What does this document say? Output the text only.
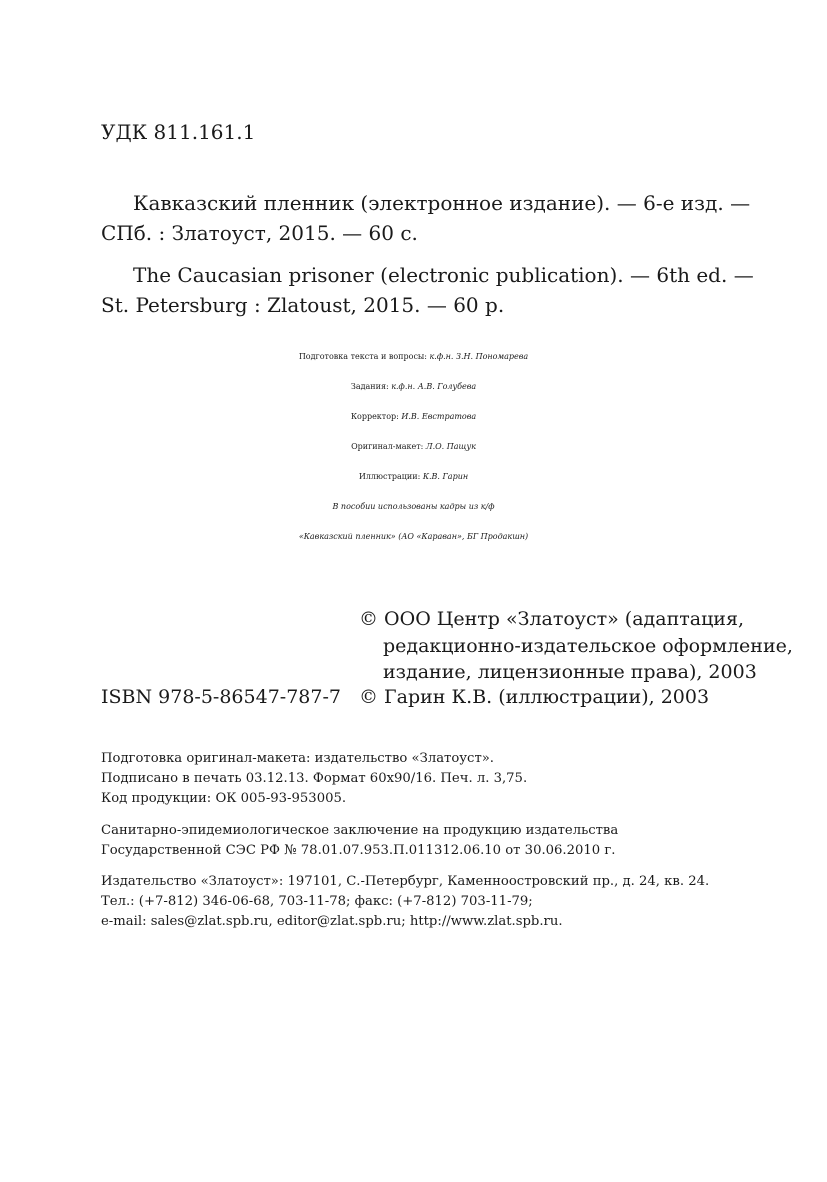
УДК 811.161.1
Кавказский пленник (электронное издание). — 6-е изд. —
СПб. : Златоуст, 2015. — 60 с.
The Caucasian prisoner (electronic publication). — 6th ed. —
St. Petersburg : Zlatoust, 2015. — 60 p.
Подготовка текста и вопросы: к.ф.н. З.Н. Пономарева
Задания: к.ф.н. А.В. Голубева
Корректор: И.В. Евстратова
Оригинал-макет: Л.О. Пащук
Иллюстрации: К.В. Гарин
В пособии использованы кадры из к/ф
«Кавказский пленник» (АО «Караван», БГ Продакшн)
© ООО Центр «Златоуст» (адаптация,
редакционно-издательское оформление,
издание, лицензионные права), 2003
© Гарин К.В. (иллюстрации), 2003
ISBN 978-5-86547-787-7
Подготовка оригинал-макета: издательство «Златоуст».
Подписано в печать 03.12.13. Формат 60х90/16. Печ. л. 3,75.
Код продукции: ОК 005-93-953005.
Санитарно-эпидемиологическое заключение на продукцию издательства
Государственной СЭС РФ № 78.01.07.953.П.011312.06.10 от 30.06.2010 г.
Издательство «Златоуст»: 197101, С.-Петербург, Каменноостровский пр., д. 24, кв. 24.
Тел.: (+7-812) 346-06-68, 703-11-78; факс: (+7-812) 703-11-79;
e-mail: sales@zlat.spb.ru, editor@zlat.spb.ru; http://www.zlat.spb.ru.
